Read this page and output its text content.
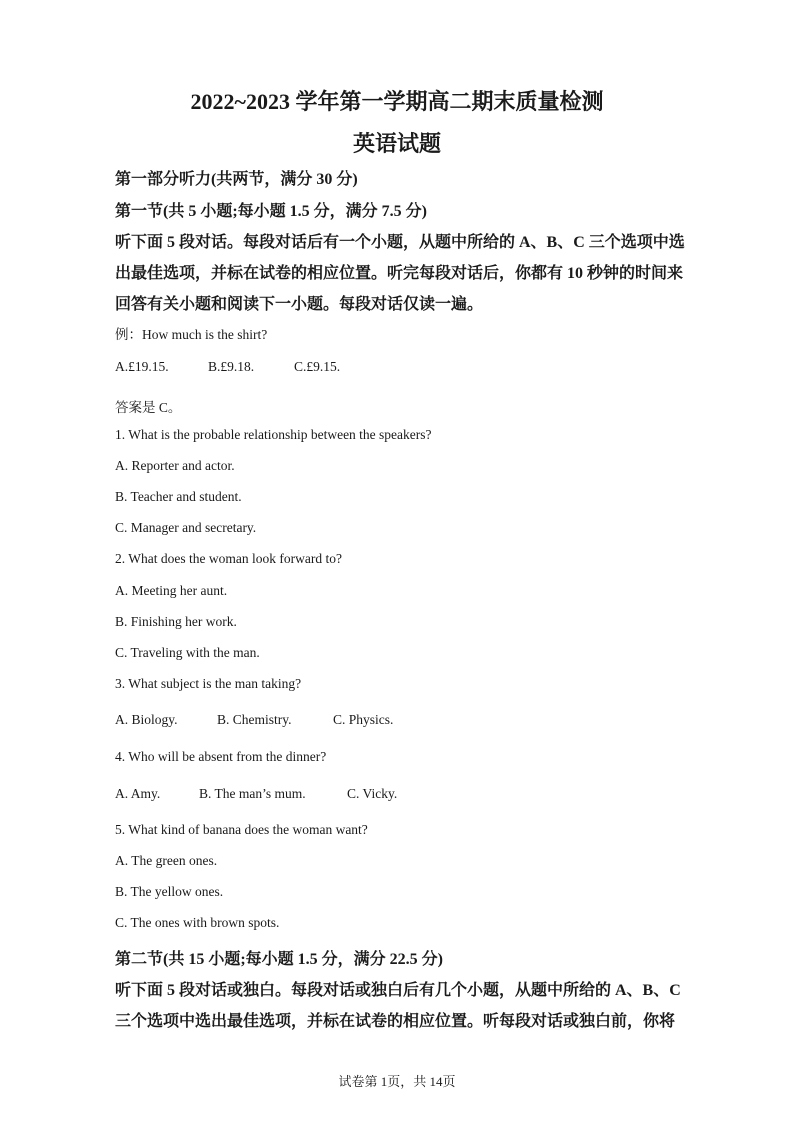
2022~2023 学年第一学期高二期末质量检测
英语试题
第一部分听力(共两节，满分 30 分)
第一节(共 5 小题;每小题 1.5 分，满分 7.5 分)
听下面 5 段对话。每段对话后有一个小题，从题中所给的 A、B、C 三个选项中选
出最佳选项，并标在试卷的相应位置。听完每段对话后，你都有 10 秒钟的时间来
回答有关小题和阅读下一小题。每段对话仅读一遍。
例：How much is the shirt?
A.£19.15.	B.£9.18.	C.£9.15.
答案是 C。
1. What is the probable relationship between the speakers?
A. Reporter and actor.
B. Teacher and student.
C. Manager and secretary.
2. What does the woman look forward to?
A. Meeting her aunt.
B. Finishing her work.
C. Traveling with the man.
3. What subject is the man taking?
A. Biology.	B. Chemistry.	C. Physics.
4. Who will be absent from the dinner?
A. Amy.	B. The man’s mum.	C. Vicky.
5. What kind of banana does the woman want?
A. The green ones.
B. The yellow ones.
C. The ones with brown spots.
第二节(共 15 小题;每小题 1.5 分，满分 22.5 分)
听下面 5 段对话或独白。每段对话或独白后有几个小题，从题中所给的 A、B、C
三个选项中选出最佳选项，并标在试卷的相应位置。听每段对话或独白前，你将
试卷第 1页，共 14页
